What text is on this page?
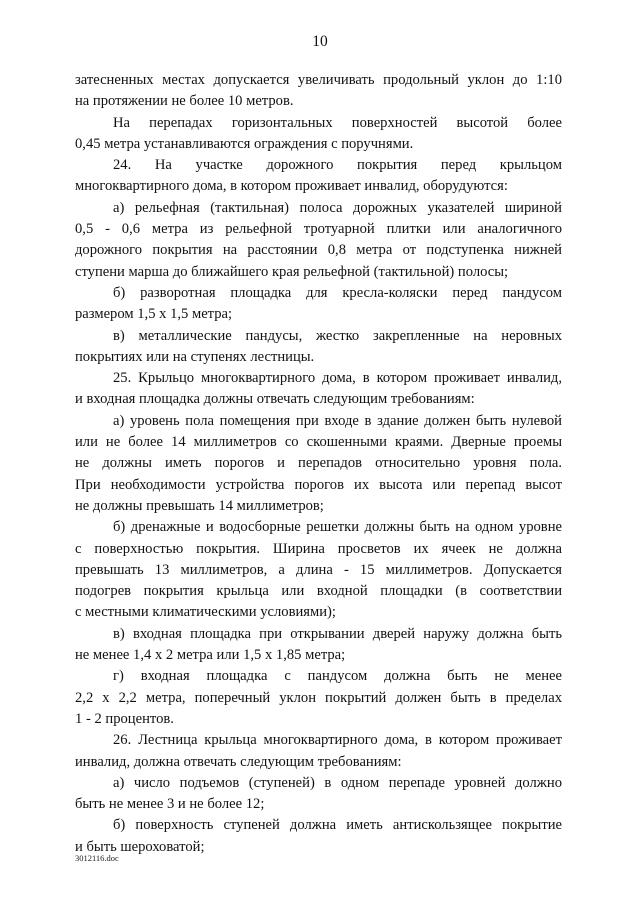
10

затесненных местах допускается увеличивать продольный уклон до 1:10

на протяжении не более 10 метров.

На перепадах горизонтальных поверхностей высотой более

0,45 метра устанавливаются ограждения с поручнями.

24. На участке дорожного покрытия перед крыльцом

многоквартирного дома, в котором проживает инвалид, оборудуются:

а) рельефная (тактильная) полоса дорожных указателей шириной

0,5 - 0,6 метра из рельефной тротуарной плитки или аналогичного

дорожного покрытия на расстоянии 0,8 метра от подступенка нижней

ступени марша до ближайшего края рельефной (тактильной) полосы;

б) разворотная площадка для кресла-коляски перед пандусом

размером 1,5 х 1,5 метра;

в) металлические пандусы, жестко закрепленные на неровных

покрытиях или на ступенях лестницы.

25. Крыльцо многоквартирного дома, в котором проживает инвалид,

и входная площадка должны отвечать следующим требованиям:

а) уровень пола помещения при входе в здание должен быть нулевой

или не более 14 миллиметров со скошенными краями. Дверные проемы

не должны иметь порогов и перепадов относительно уровня пола.

При необходимости устройства порогов их высота или перепад высот

не должны превышать 14 миллиметров;

б) дренажные и водосборные решетки должны быть на одном уровне

с поверхностью покрытия. Ширина просветов их ячеек не должна

превышать 13 миллиметров, а длина - 15 миллиметров. Допускается

подогрев покрытия крыльца или входной площадки (в соответствии

с местными климатическими условиями);

в) входная площадка при открывании дверей наружу должна быть

не менее 1,4 х 2 метра или 1,5 х 1,85 метра;

г) входная площадка с пандусом должна быть не менее

2,2 х 2,2 метра, поперечный уклон покрытий должен быть в пределах

1 - 2 процентов.

26. Лестница крыльца многоквартирного дома, в котором проживает

инвалид, должна отвечать следующим требованиям:

а) число подъемов (ступеней) в одном перепаде уровней должно

быть не менее 3 и не более 12;

б) поверхность ступеней должна иметь антискользящее покрытие

и быть шероховатой;

3012116.doc
